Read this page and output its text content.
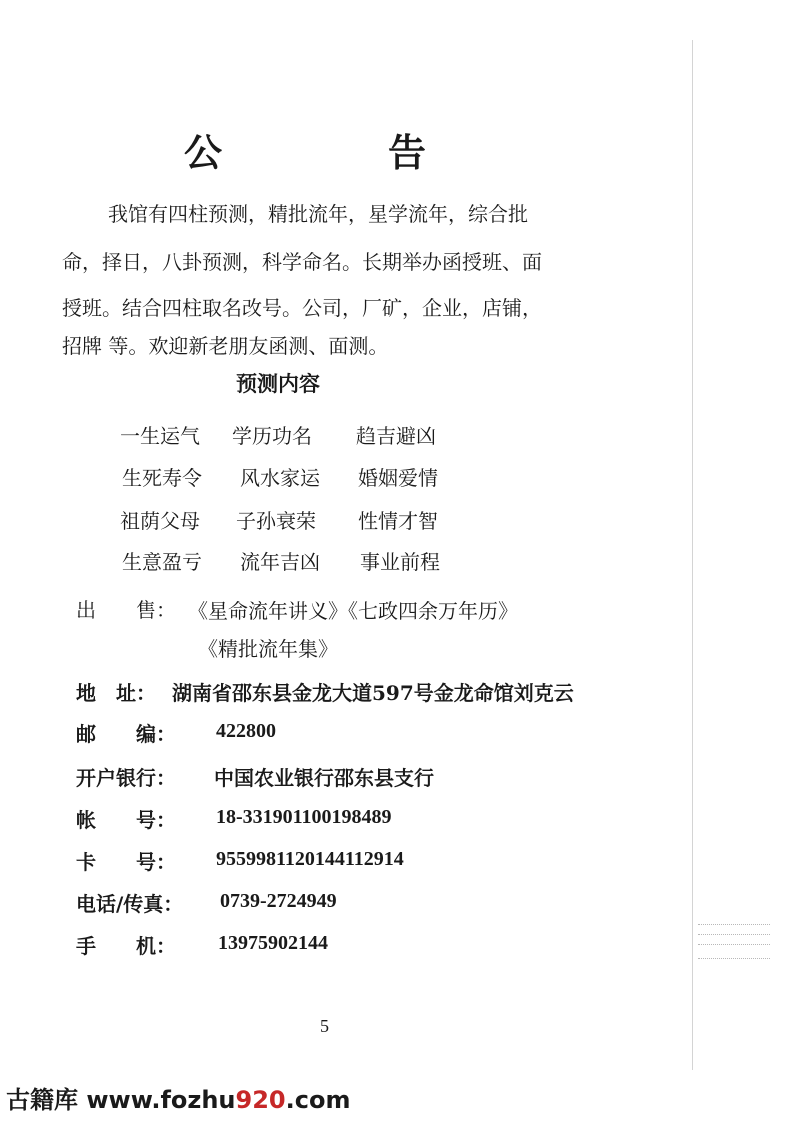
公	告
我馆有四柱预测，精批流年，星学流年，综合批
命，择日，八卦预测，科学命名。长期举办函授班、面
授班。结合四柱取名改号。公司，厂矿，企业，店铺，
招牌 等。欢迎新老朋友函测、面测。
预测内容
一生运气 学历功名 趋吉避凶
生死寿令 风水家运 婚姻爱情
祖荫父母 子孙衰荣 性情才智
生意盈亏 流年吉凶 事业前程
出　　售： 《星命流年讲义》《七政四余万年历》
《精批流年集》
地　址： 湖南省邵东县金龙大道597号金龙命馆刘克云
邮　　编： 422800
开户银行： 中国农业银行邵东县支行
帐　　号： 18-331901100198489
卡　　号： 9559981120144112914
电话/传真： 0739-2724949
手　　机： 13975902144
5
古籍库 www.fozhu920.com
